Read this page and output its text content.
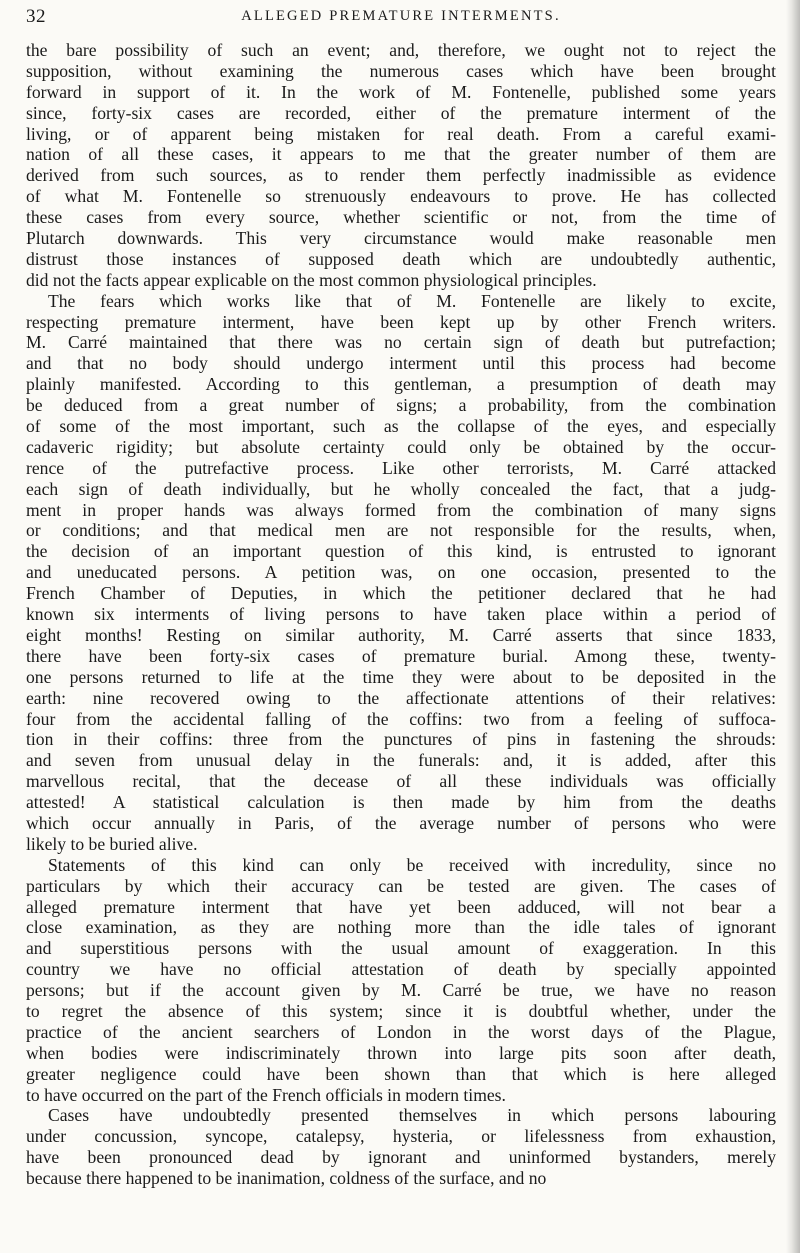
32	ALLEGED PREMATURE INTERMENTS.
the bare possibility of such an event; and, therefore, we ought not to reject the
supposition, without examining the numerous cases which have been brought
forward in support of it. In the work of M. Fontenelle, published some years
since, forty-six cases are recorded, either of the premature interment of the
living, or of apparent being mistaken for real death. From a careful exami-
nation of all these cases, it appears to me that the greater number of them are
derived from such sources, as to render them perfectly inadmissible as evidence
of what M. Fontenelle so strenuously endeavours to prove. He has collected
these cases from every source, whether scientific or not, from the time of
Plutarch downwards. This very circumstance would make reasonable men
distrust those instances of supposed death which are undoubtedly authentic,
did not the facts appear explicable on the most common physiological principles.
The fears which works like that of M. Fontenelle are likely to excite,
respecting premature interment, have been kept up by other French writers.
M. Carré maintained that there was no certain sign of death but putrefaction;
and that no body should undergo interment until this process had become
plainly manifested. According to this gentleman, a presumption of death may
be deduced from a great number of signs; a probability, from the combination
of some of the most important, such as the collapse of the eyes, and especially
cadaveric rigidity; but absolute certainty could only be obtained by the occur-
rence of the putrefactive process. Like other terrorists, M. Carré attacked
each sign of death individually, but he wholly concealed the fact, that a judg-
ment in proper hands was always formed from the combination of many signs
or conditions; and that medical men are not responsible for the results, when,
the decision of an important question of this kind, is entrusted to ignorant
and uneducated persons. A petition was, on one occasion, presented to the
French Chamber of Deputies, in which the petitioner declared that he had
known six interments of living persons to have taken place within a period of
eight months! Resting on similar authority, M. Carré asserts that since 1833,
there have been forty-six cases of premature burial. Among these, twenty-
one persons returned to life at the time they were about to be deposited in the
earth: nine recovered owing to the affectionate attentions of their relatives:
four from the accidental falling of the coffins: two from a feeling of suffoca-
tion in their coffins: three from the punctures of pins in fastening the shrouds:
and seven from unusual delay in the funerals: and, it is added, after this
marvellous recital, that the decease of all these individuals was officially
attested! A statistical calculation is then made by him from the deaths
which occur annually in Paris, of the average number of persons who were
likely to be buried alive.
Statements of this kind can only be received with incredulity, since no
particulars by which their accuracy can be tested are given. The cases of
alleged premature interment that have yet been adduced, will not bear a
close examination, as they are nothing more than the idle tales of ignorant
and superstitious persons with the usual amount of exaggeration. In this
country we have no official attestation of death by specially appointed
persons; but if the account given by M. Carré be true, we have no reason
to regret the absence of this system; since it is doubtful whether, under the
practice of the ancient searchers of London in the worst days of the Plague,
when bodies were indiscriminately thrown into large pits soon after death,
greater negligence could have been shown than that which is here alleged
to have occurred on the part of the French officials in modern times.
Cases have undoubtedly presented themselves in which persons labouring
under concussion, syncope, catalepsy, hysteria, or lifelessness from exhaustion,
have been pronounced dead by ignorant and uninformed bystanders, merely
because there happened to be inanimation, coldness of the surface, and no
